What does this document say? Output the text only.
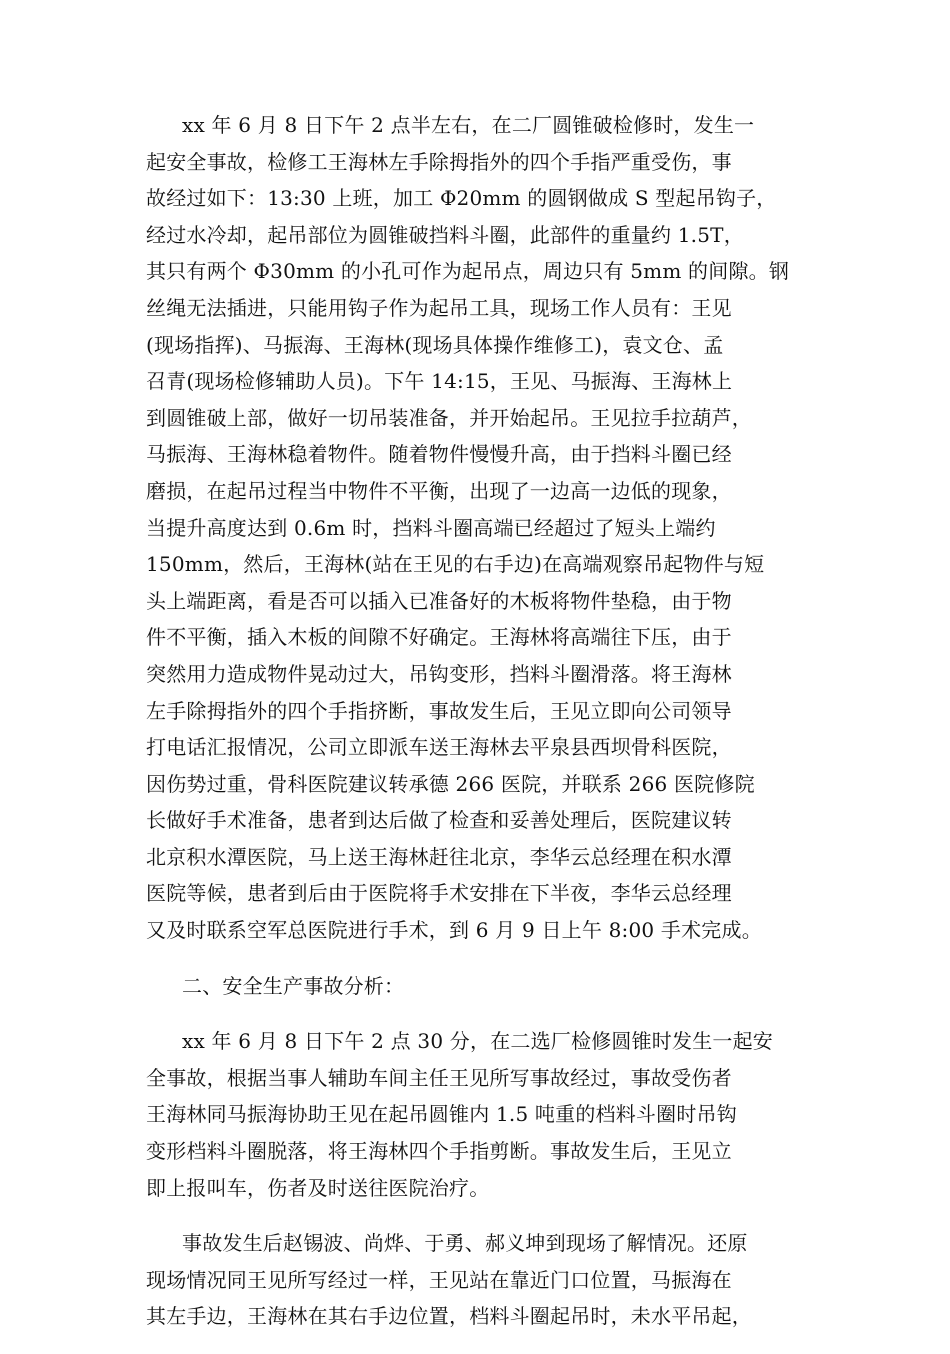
xx 年 6 月 8 日下午 2 点半左右，在二厂圆锥破检修时，发生一
起安全事故，检修工王海林左手除拇指外的四个手指严重受伤，事
故经过如下：13:30 上班，加工 Φ20mm 的圆钢做成 S 型起吊钩子，
经过水冷却，起吊部位为圆锥破挡料斗圈，此部件的重量约 1.5T，
其只有两个 Φ30mm 的小孔可作为起吊点，周边只有 5mm 的间隙。钢
丝绳无法插进，只能用钩子作为起吊工具，现场工作人员有：王见
(现场指挥)、马振海、王海林(现场具体操作维修工)，袁文仓、孟
召青(现场检修辅助人员)。下午 14:15，王见、马振海、王海林上
到圆锥破上部，做好一切吊装准备，并开始起吊。王见拉手拉葫芦，
马振海、王海林稳着物件。随着物件慢慢升高，由于挡料斗圈已经
磨损，在起吊过程当中物件不平衡，出现了一边高一边低的现象，
当提升高度达到 0.6m 时，挡料斗圈高端已经超过了短头上端约
150mm，然后，王海林(站在王见的右手边)在高端观察吊起物件与短
头上端距离，看是否可以插入已准备好的木板将物件垫稳，由于物
件不平衡，插入木板的间隙不好确定。王海林将高端往下压，由于
突然用力造成物件晃动过大，吊钩变形，挡料斗圈滑落。将王海林
左手除拇指外的四个手指挤断，事故发生后，王见立即向公司领导
打电话汇报情况，公司立即派车送王海林去平泉县西坝骨科医院，
因伤势过重，骨科医院建议转承德 266 医院，并联系 266 医院修院
长做好手术准备，患者到达后做了检查和妥善处理后，医院建议转
北京积水潭医院，马上送王海林赶往北京，李华云总经理在积水潭
医院等候，患者到后由于医院将手术安排在下半夜，李华云总经理
又及时联系空军总医院进行手术，到 6 月 9 日上午 8:00 手术完成。
二、安全生产事故分析：
xx 年 6 月 8 日下午 2 点 30 分，在二选厂检修圆锥时发生一起安
全事故，根据当事人辅助车间主任王见所写事故经过，事故受伤者
王海林同马振海协助王见在起吊圆锥内 1.5 吨重的档料斗圈时吊钩
变形档料斗圈脱落，将王海林四个手指剪断。事故发生后，王见立
即上报叫车，伤者及时送往医院治疗。
事故发生后赵锡波、尚烨、于勇、郝义坤到现场了解情况。还原
现场情况同王见所写经过一样，王见站在靠近门口位置，马振海在
其左手边，王海林在其右手边位置，档料斗圈起吊时，未水平吊起，
